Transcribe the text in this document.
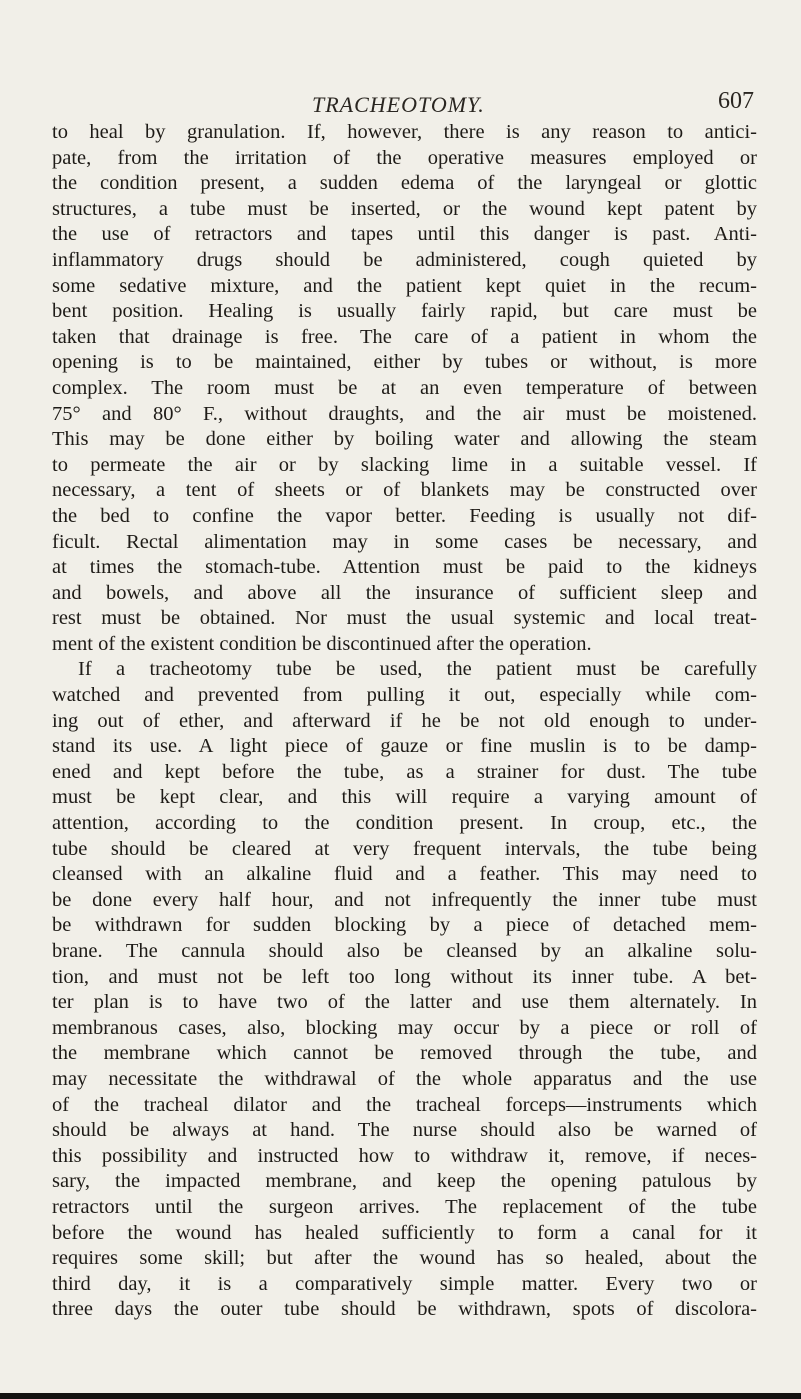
TRACHEOTOMY.	607
to heal by granulation. If, however, there is any reason to antici-
pate, from the irritation of the operative measures employed or
the condition present, a sudden edema of the laryngeal or glottic
structures, a tube must be inserted, or the wound kept patent by
the use of retractors and tapes until this danger is past. Anti-
inflammatory drugs should be administered, cough quieted by
some sedative mixture, and the patient kept quiet in the recum-
bent position. Healing is usually fairly rapid, but care must be
taken that drainage is free. The care of a patient in whom the
opening is to be maintained, either by tubes or without, is more
complex. The room must be at an even temperature of between
75° and 80° F., without draughts, and the air must be moistened.
This may be done either by boiling water and allowing the steam
to permeate the air or by slacking lime in a suitable vessel. If
necessary, a tent of sheets or of blankets may be constructed over
the bed to confine the vapor better. Feeding is usually not dif-
ficult. Rectal alimentation may in some cases be necessary, and
at times the stomach-tube. Attention must be paid to the kidneys
and bowels, and above all the insurance of sufficient sleep and
rest must be obtained. Nor must the usual systemic and local treat-
ment of the existent condition be discontinued after the operation.
If a tracheotomy tube be used, the patient must be carefully
watched and prevented from pulling it out, especially while com-
ing out of ether, and afterward if he be not old enough to under-
stand its use. A light piece of gauze or fine muslin is to be damp-
ened and kept before the tube, as a strainer for dust. The tube
must be kept clear, and this will require a varying amount of
attention, according to the condition present. In croup, etc., the
tube should be cleared at very frequent intervals, the tube being
cleansed with an alkaline fluid and a feather. This may need to
be done every half hour, and not infrequently the inner tube must
be withdrawn for sudden blocking by a piece of detached mem-
brane. The cannula should also be cleansed by an alkaline solu-
tion, and must not be left too long without its inner tube. A bet-
ter plan is to have two of the latter and use them alternately. In
membranous cases, also, blocking may occur by a piece or roll of
the membrane which cannot be removed through the tube, and
may necessitate the withdrawal of the whole apparatus and the use
of the tracheal dilator and the tracheal forceps—instruments which
should be always at hand. The nurse should also be warned of
this possibility and instructed how to withdraw it, remove, if neces-
sary, the impacted membrane, and keep the opening patulous by
retractors until the surgeon arrives. The replacement of the tube
before the wound has healed sufficiently to form a canal for it
requires some skill; but after the wound has so healed, about the
third day, it is a comparatively simple matter. Every two or
three days the outer tube should be withdrawn, spots of discolora-
